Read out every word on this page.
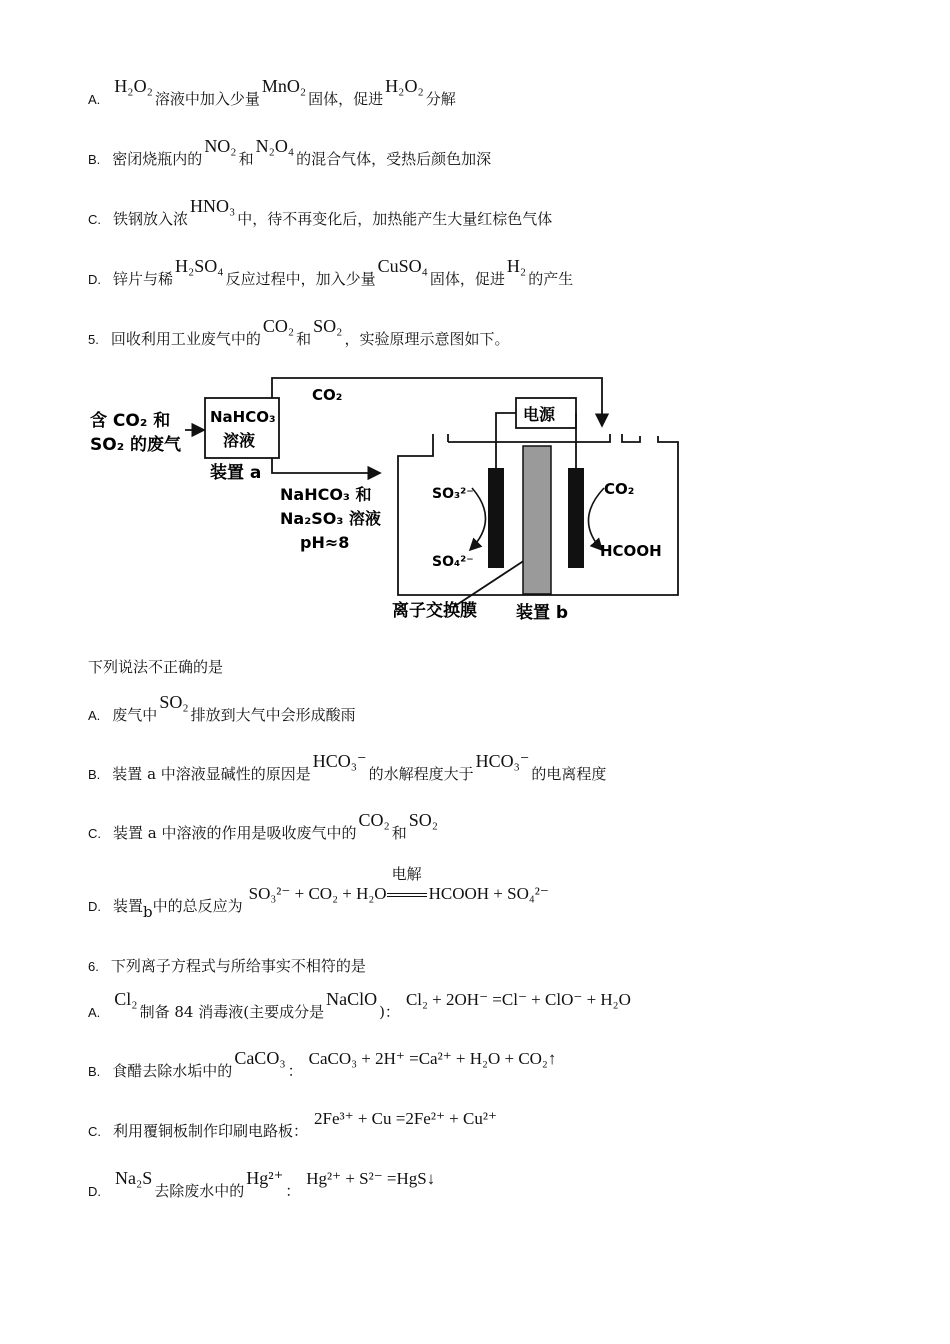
A.H₂O₂溶液中加入少量MnO₂固体，促进H₂O₂分解
B. 密闭烧瓶内的NO₂和N₂O₄的混合气体，受热后颜色加深
C. 铁钢放入浓HNO₃中，待不再变化后，加热能产生大量红棕色气体
D. 锌片与稀H₂SO₄反应过程中，加入少量CuSO₄固体，促进H₂的产生
5. 回收利用工业废气中的CO₂和SO₂，实验原理示意图如下。
含 CO₂ 和
SO₂ 的废气
NaHCO₃
溶液
装置 a
CO₂
电源
NaHCO₃ 和
Na₂SO₃ 溶液
pH≈8
SO₃²⁻
SO₄²⁻
CO₂
HCOOH
离子交换膜 装置 b
下列说法不正确的是
A. 废气中SO₂排放到大气中会形成酸雨
B. 装置 a 中溶液显碱性的原因是HCO₃⁻的水解程度大于HCO₃⁻的电离程度
C. 装置 a 中溶液的作用是吸收废气中的CO₂和SO₂
D. 装置b中的总反应为SO₃²⁻ + CO₂ + H₂O
电解
HCOOH + SO₄²⁻
6. 下列离子方程式与所给事实不相符的是
A.Cl₂制备 84 消毒液(主要成分是NaClO)：Cl₂ + 2OH⁻ =Cl⁻ + ClO⁻ + H₂O
B. 食醋去除水垢中的CaCO₃：CaCO₃ + 2H⁺ =Ca²⁺ + H₂O + CO₂↑
C. 利用覆铜板制作印刷电路板：2Fe³⁺ + Cu =2Fe²⁺ + Cu²⁺
D.Na₂S去除废水中的Hg²⁺：Hg²⁺ + S²⁻ =HgS↓
